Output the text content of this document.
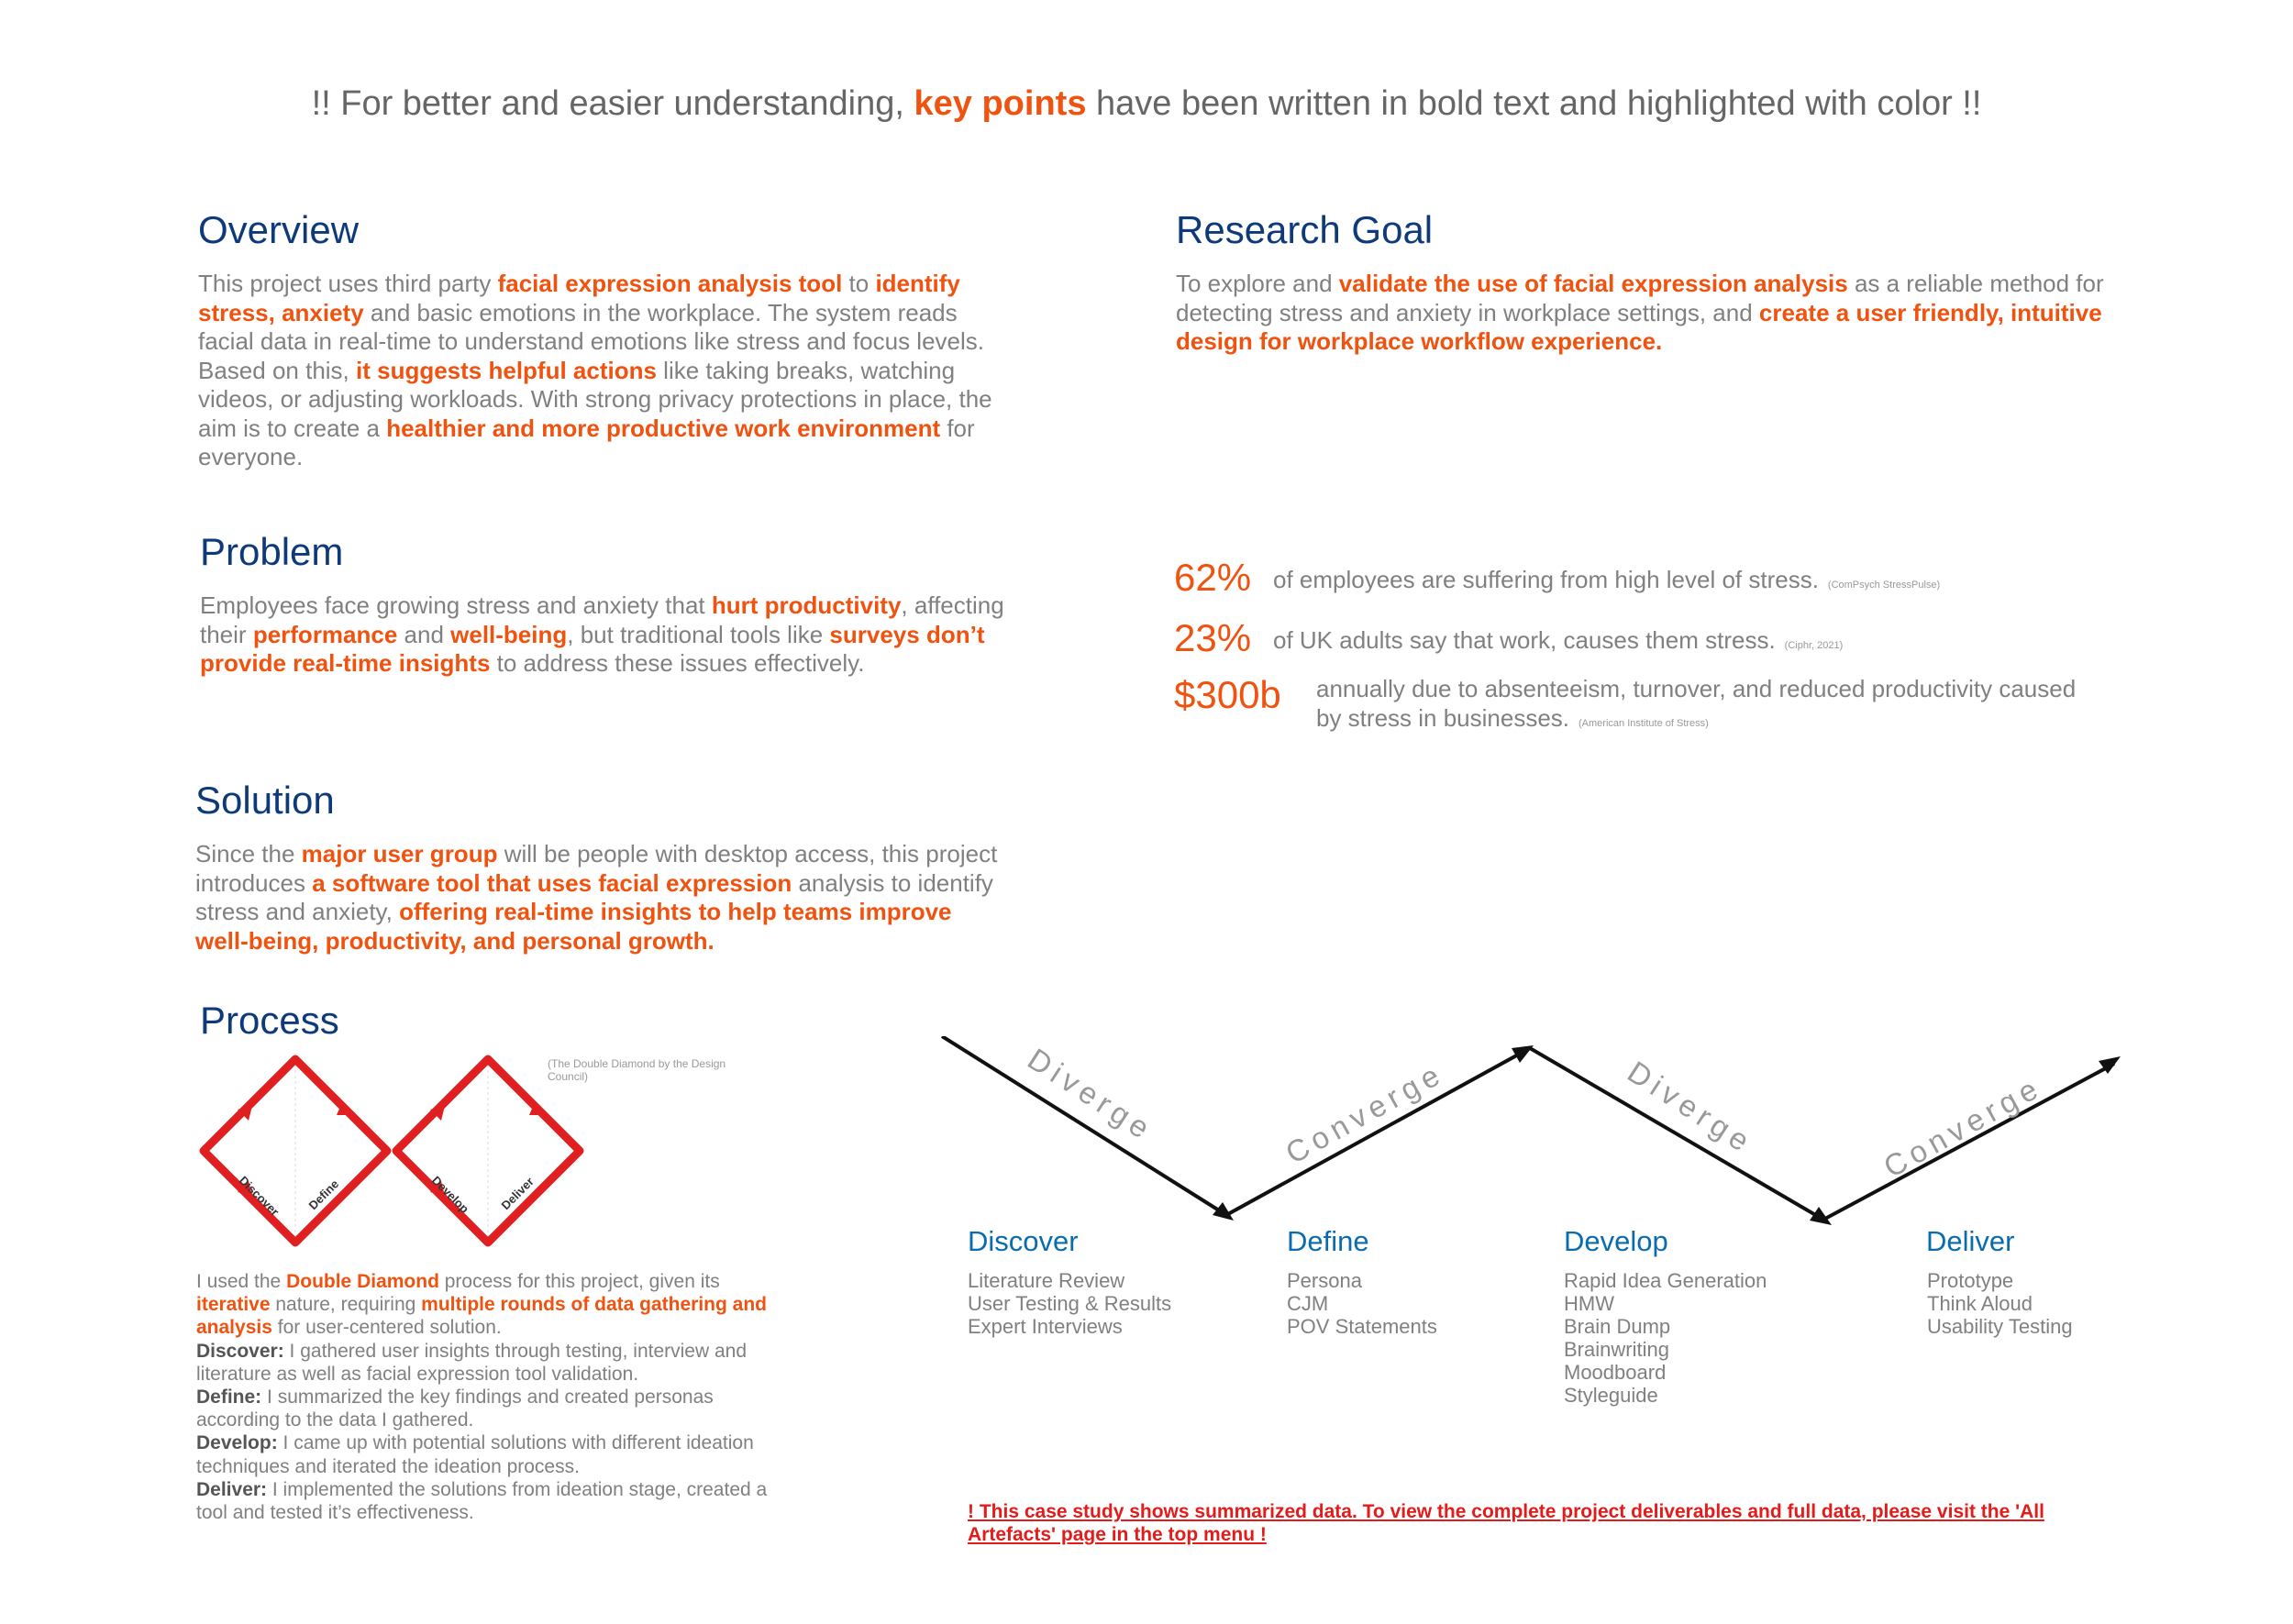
!! For better and easier understanding, key points have been written in bold text and highlighted with color !!
Overview

This project uses third party facial expression analysis tool to identify stress, anxiety and basic emotions in the workplace. The system reads facial data in real-time to understand emotions like stress and focus levels. Based on this, it suggests helpful actions like taking breaks, watching videos, or adjusting workloads. With strong privacy protections in place, the aim is to create a healthier and more productive work environment for everyone.

Research Goal

To explore and validate the use of facial expression analysis as a reliable method for detecting stress and anxiety in workplace settings, and create a user friendly, intuitive design for workplace workflow experience.

Problem

Employees face growing stress and anxiety that hurt productivity, affecting their performance and well-being, but traditional tools like surveys don’t provide real-time insights to address these issues effectively.

62% of employees are suffering from high level of stress. (ComPsych StressPulse)
23% of UK adults say that work, causes them stress. (Ciphr, 2021)
$300b annually due to absenteeism, turnover, and reduced productivity caused by stress in businesses. (American Institute of Stress)
Solution

Since the major user group will be people with desktop access, this project introduces a software tool that uses facial expression analysis to identify stress and anxiety, offering real-time insights to help teams improve well-being, productivity, and personal growth.

Process
(The Double Diamond by the Design Council)
Discover Define	Develop Deliver
I used the Double Diamond process for this project, given its iterative nature, requiring multiple rounds of data gathering and analysis for user-centered solution.
Discover: I gathered user insights through testing, interview and literature as well as facial expression tool validation.
Define: I summarized the key findings and created personas according to the data I gathered.
Develop: I came up with potential solutions with different ideation techniques and iterated the ideation process.
Deliver: I implemented the solutions from ideation stage, created a tool and tested it’s effectiveness.
Diverge	Converge	Diverge	Converge
Discover
Literature Review
User Testing & Results
Expert Interviews
Define
Persona
CJM
POV Statements
Develop
Rapid Idea Generation
HMW
Brain Dump
Brainwriting
Moodboard
Styleguide
Deliver
Prototype
Think Aloud
Usability Testing
! This case study shows summarized data. To view the complete project deliverables and full data, please visit the 'All Artefacts' page in the top menu !
